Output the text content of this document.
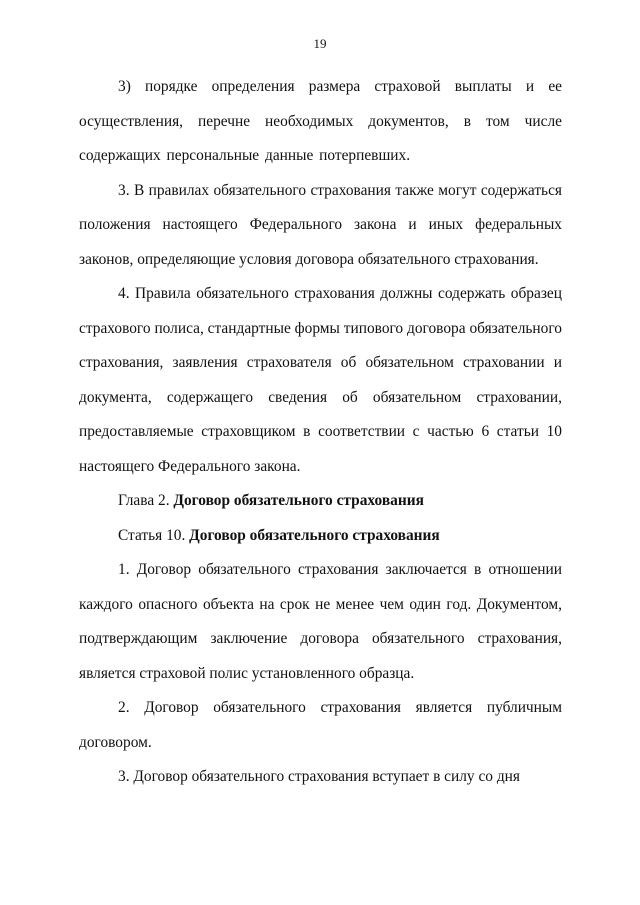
19

3) порядке определения размера страховой выплаты и ее осуществления, перечне необходимых документов, в том числе содержащих персональные данные потерпевших.

3. В правилах обязательного страхования также могут содержаться положения настоящего Федерального закона и иных федеральных законов, определяющие условия договора обязательного страхования.

4. Правила обязательного страхования должны содержать образец страхового полиса, стандартные формы типового договора обязательного страхования, заявления страхователя об обязательном страховании и документа, содержащего сведения об обязательном страховании, предоставляемые страховщиком в соответствии с частью 6 статьи 10 настоящего Федерального закона.

Глава 2. Договор обязательного страхования

Статья 10. Договор обязательного страхования

1. Договор обязательного страхования заключается в отношении каждого опасного объекта на срок не менее чем один год. Документом, подтверждающим заключение договора обязательного страхования, является страховой полис установленного образца.

2. Договор обязательного страхования является публичным договором.

3. Договор обязательного страхования вступает в силу со дня
